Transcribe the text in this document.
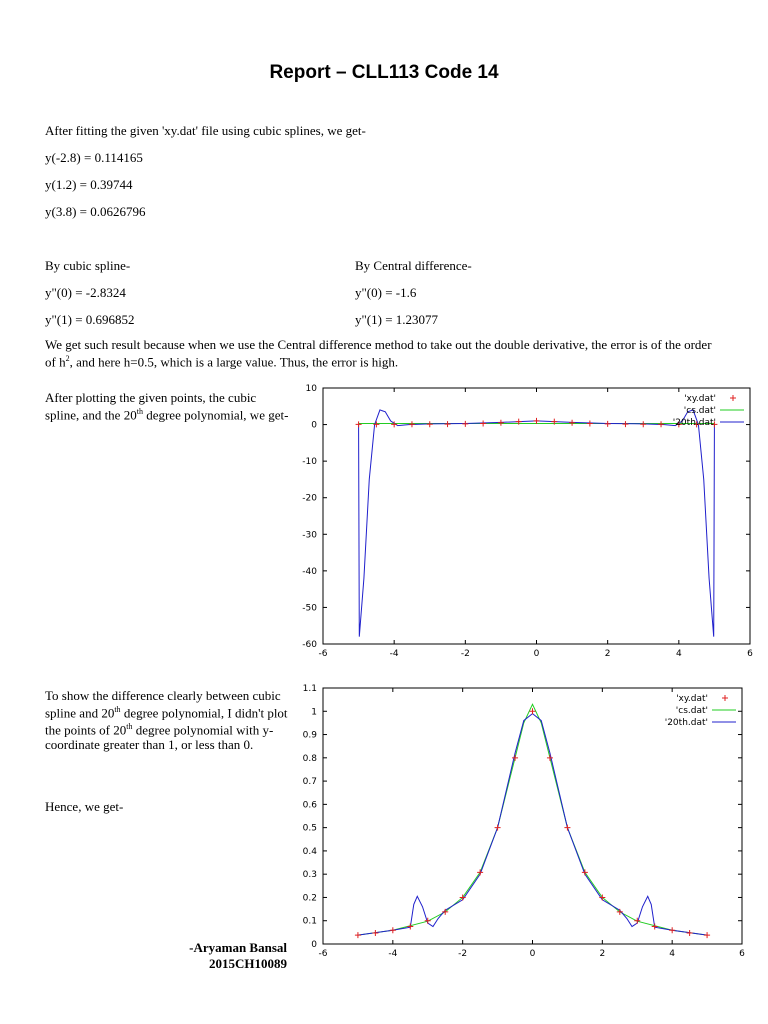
Report – CLL113 Code 14
After fitting the given 'xy.dat' file using cubic splines, we get-
y(-2.8) = 0.114165
y(1.2) = 0.39744
y(3.8) = 0.0626796
By cubic spline-	By Central difference-
y"(0) = -2.8324	y"(0) = -1.6
y"(1) = 0.696852	y"(1) = 1.23077
We get such result because when we use the Central difference method to take out the double derivative, the error is of the order of $h^2$, and here h=0.5, which is a large value. Thus, the error is high.
After plotting the given points, the cubic spline, and the 20th degree polynomial, we get-
To show the difference clearly between cubic spline and 20th degree polynomial, I didn't plot the points of 20th degree polynomial with y-coordinate greater than 1, or less than 0.
Hence, we get-
-Aryaman Bansal
2015CH10089
-6	-4	-2	0	2	4	6
10
0
-10
-20
-30
-40
-50
-60
'xy.dat'
'cs.dat'
'20th.dat'
-6	-4	-2	0	2	4	6
1.1
1
0.9
0.8
0.7
0.6
0.5
0.4
0.3
0.2
0.1
0
'xy.dat'
'cs.dat'
'20th.dat'
